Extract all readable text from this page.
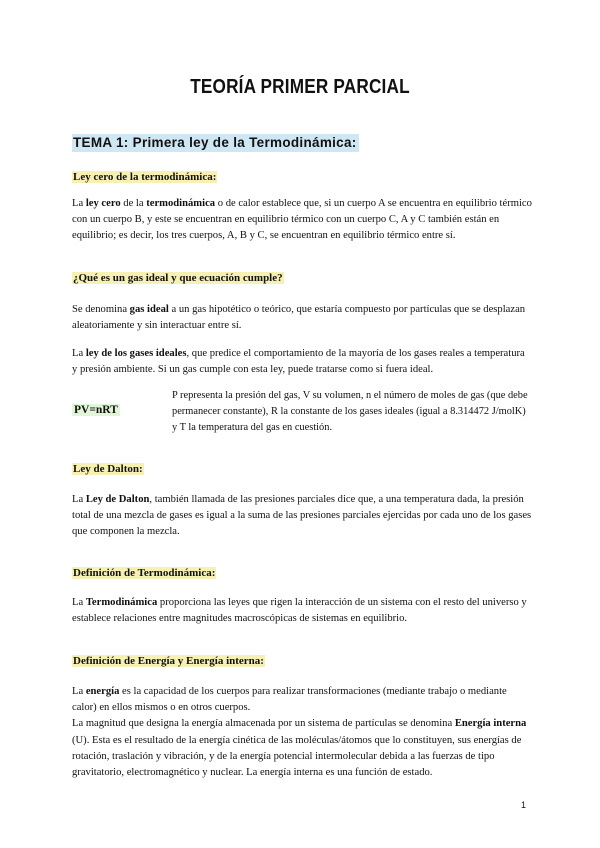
TEORÍA PRIMER PARCIAL
TEMA 1: Primera ley de la Termodinámica:
Ley cero de la termodinámica:
La ley cero de la termodinámica o de calor establece que, si un cuerpo A se encuentra en equilibrio térmico con un cuerpo B, y este se encuentran en equilibrio térmico con un cuerpo C, A y C también están en equilibrio; es decir, los tres cuerpos, A, B y C, se encuentran en equilibrio térmico entre sí.
¿Qué es un gas ideal y que ecuación cumple?
Se denomina gas ideal a un gas hipotético o teórico, que estaría compuesto por partículas que se desplazan aleatoriamente y sin interactuar entre sí.
La ley de los gases ideales, que predice el comportamiento de la mayoría de los gases reales a temperatura y presión ambiente. Si un gas cumple con esta ley, puede tratarse como si fuera ideal.
PV=nRT
P representa la presión del gas, V su volumen, n el número de moles de gas (que debe permanecer constante), R la constante de los gases ideales (igual a 8.314472 J/molK) y T la temperatura del gas en cuestión.
Ley de Dalton:
La Ley de Dalton, también llamada de las presiones parciales dice que, a una temperatura dada, la presión total de una mezcla de gases es igual a la suma de las presiones parciales ejercidas por cada uno de los gases que componen la mezcla.
Definición de Termodinámica:
La Termodinámica proporciona las leyes que rigen la interacción de un sistema con el resto del universo y establece relaciones entre magnitudes macroscópicas de sistemas en equilibrio.
Definición de Energía y Energía interna:
La energía es la capacidad de los cuerpos para realizar transformaciones (mediante trabajo o mediante calor) en ellos mismos o en otros cuerpos.
La magnitud que designa la energía almacenada por un sistema de partículas se denomina Energía interna (U). Esta es el resultado de la energía cinética de las moléculas/átomos que lo constituyen, sus energías de rotación, traslación y vibración, y de la energía potencial intermolecular debida a las fuerzas de tipo gravitatorio, electromagnético y nuclear. La energía interna es una función de estado.
1
